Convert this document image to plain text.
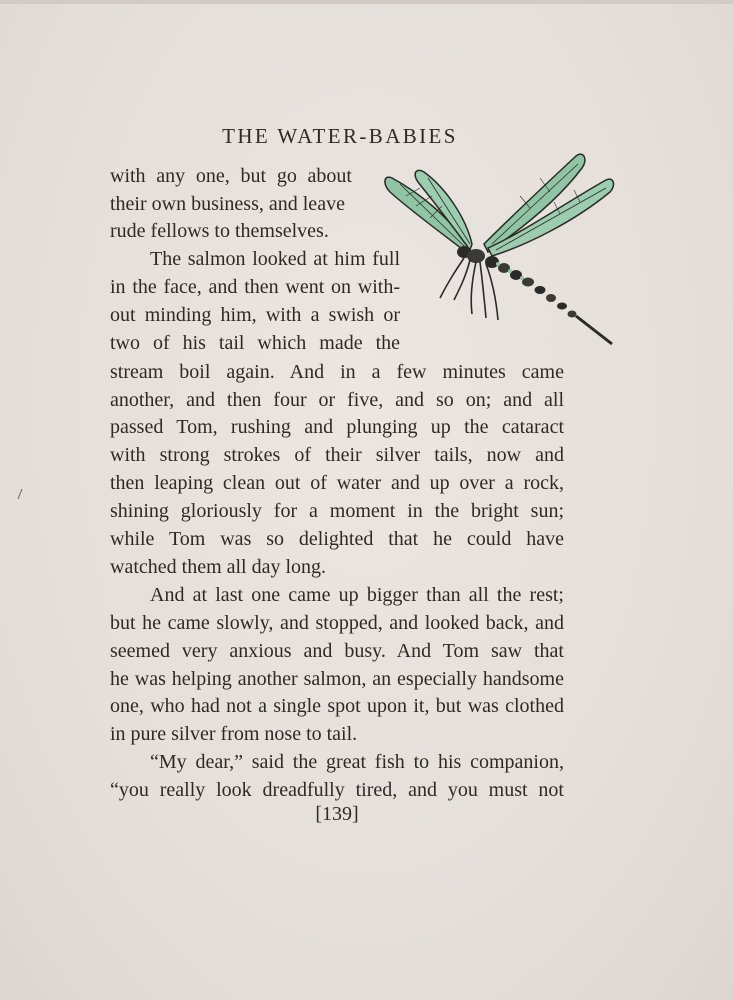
THE WATER-BABIES
with any one, but go about
their own business, and leave
rude fellows to themselves.
The salmon looked at him full
in the face, and then went on with-
out minding him, with a swish or
two of his tail which made the
stream boil again. And in a few minutes came
another, and then four or five, and so on; and all
passed Tom, rushing and plunging up the cataract
with strong strokes of their silver tails, now and
then leaping clean out of water and up over a rock,
shining gloriously for a moment in the bright sun;
while Tom was so delighted that he could have
watched them all day long.
And at last one came up bigger than all the rest;
but he came slowly, and stopped, and looked back, and
seemed very anxious and busy. And Tom saw that
he was helping another salmon, an especially handsome
one, who had not a single spot upon it, but was clothed
in pure silver from nose to tail.
“My dear,” said the great fish to his companion,
“you really look dreadfully tired, and you must not
[139]
